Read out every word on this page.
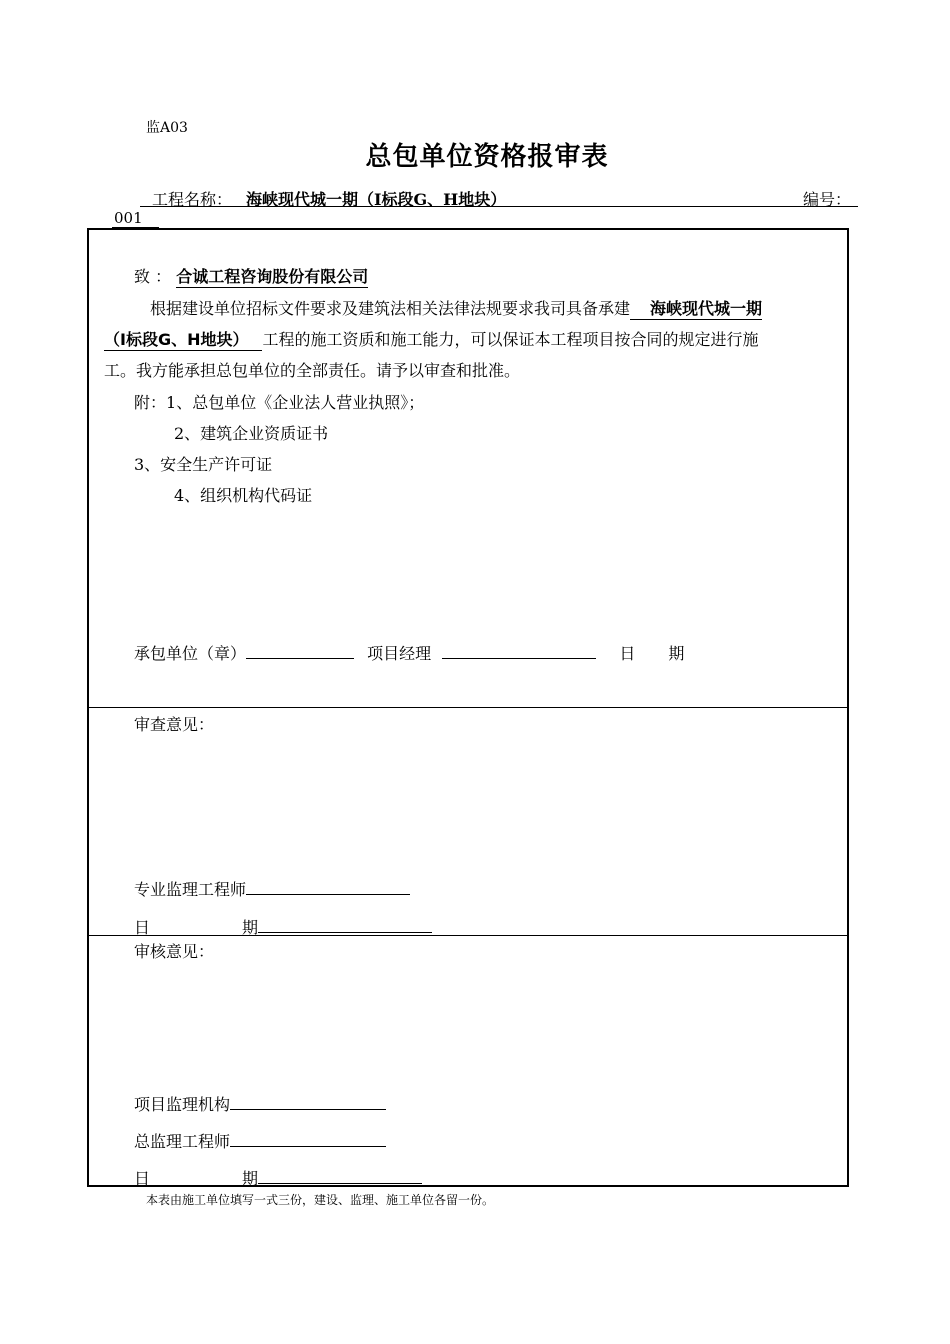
监A03
总包单位资格报审表
工程名称： 海峡现代城一期（Ⅰ标段G、H地块）	编号：
001
致 ： 合诚工程咨询股份有限公司
根据建设单位招标文件要求及建筑法相关法律法规要求我司具备承建 海峡现代城一期
（Ⅰ标段G、H地块） 工程的施工资质和施工能力，可以保证本工程项目按合同的规定进行施
工。我方能承担总包单位的全部责任。请予以审查和批准。
附：1、总包单位《企业法人营业执照》；
2、建筑企业资质证书
3、安全生产许可证
4、组织机构代码证
承包单位（章）	项目经理	日 期
审查意见：
专业监理工程师
日	期
审核意见：
项目监理机构
总监理工程师
日	期
本表由施工单位填写一式三份，建设、监理、施工单位各留一份。
